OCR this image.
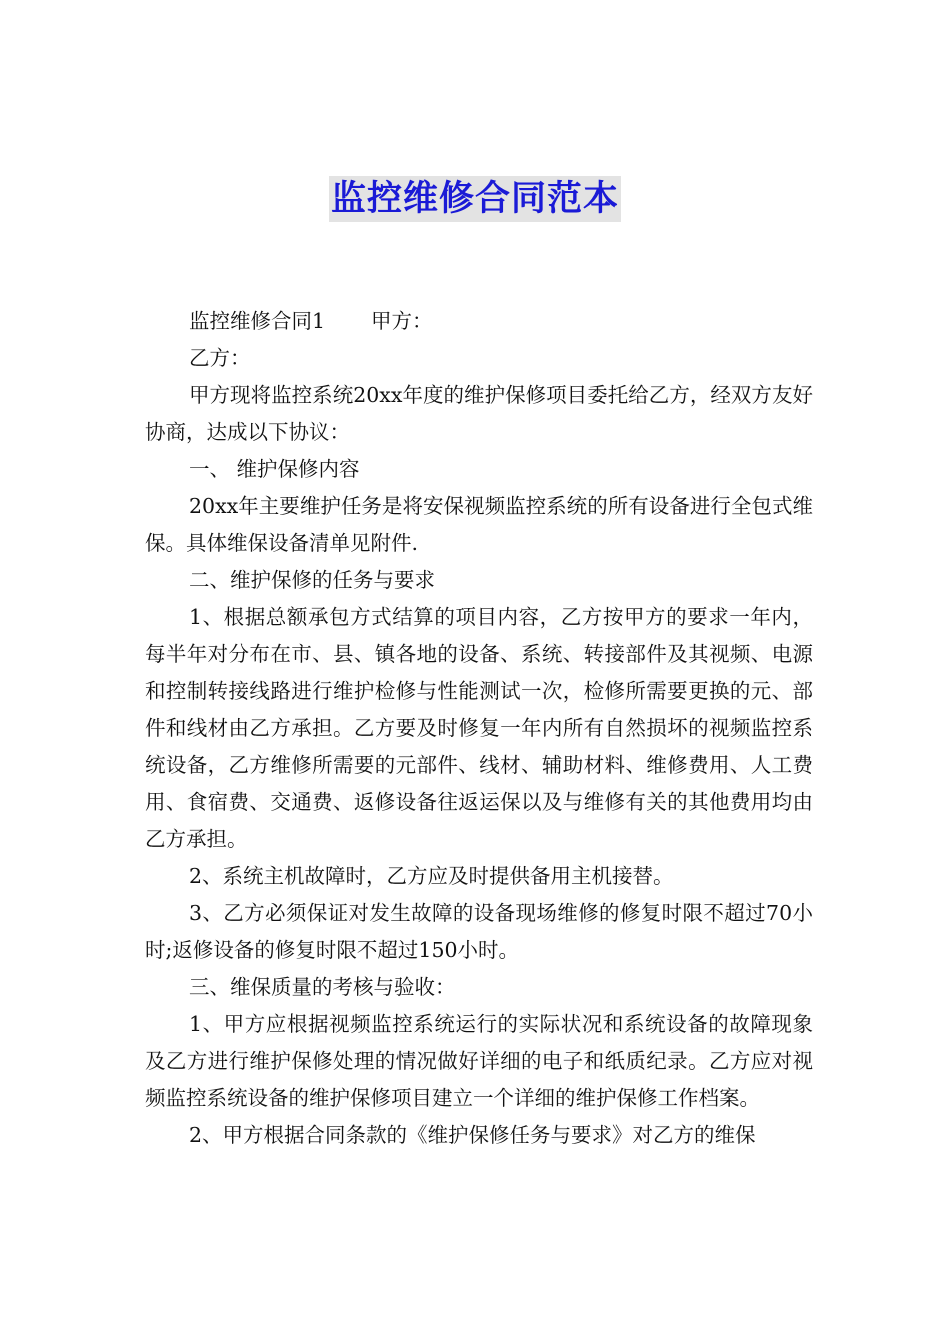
监控维修合同范本

监控维修合同1 甲方：

乙方：

甲方现将监控系统20xx年度的维护保修项目委托给乙方，经双方友好协商，达成以下协议：

一、 维护保修内容

20xx年主要维护任务是将安保视频监控系统的所有设备进行全包式维保。具体维保设备清单见附件.

二、维护保修的任务与要求

1、根据总额承包方式结算的项目内容，乙方按甲方的要求一年内，每半年对分布在市、县、镇各地的设备、系统、转接部件及其视频、电源和控制转接线路进行维护检修与性能测试一次，检修所需要更换的元、部件和线材由乙方承担。乙方要及时修复一年内所有自然损坏的视频监控系统设备，乙方维修所需要的元部件、线材、辅助材料、维修费用、人工费用、食宿费、交通费、返修设备往返运保以及与维修有关的其他费用均由乙方承担。

2、系统主机故障时，乙方应及时提供备用主机接替。

3、乙方必须保证对发生故障的设备现场维修的修复时限不超过70小时;返修设备的修复时限不超过150小时。

三、维保质量的考核与验收：

1、甲方应根据视频监控系统运行的实际状况和系统设备的故障现象及乙方进行维护保修处理的情况做好详细的电子和纸质纪录。乙方应对视频监控系统设备的维护保修项目建立一个详细的维护保修工作档案。

2、甲方根据合同条款的《维护保修任务与要求》对乙方的维保
